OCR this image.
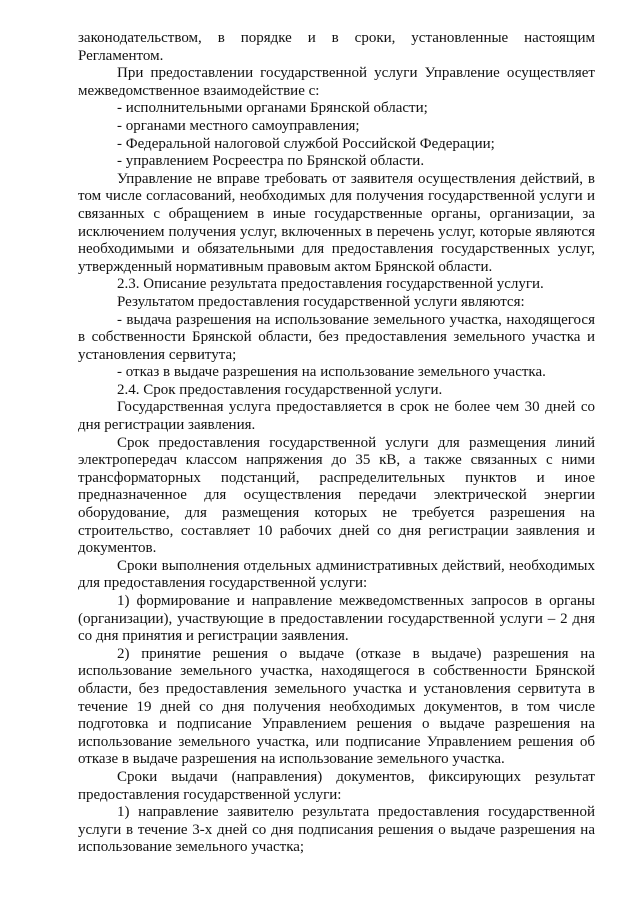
законодательством, в порядке и в сроки, установленные настоящим Регламентом.

При предоставлении государственной услуги Управление осуществляет межведомственное взаимодействие с:

- исполнительными органами Брянской области;

- органами местного самоуправления;

- Федеральной налоговой службой Российской Федерации;

- управлением Росреестра по Брянской области.

Управление не вправе требовать от заявителя осуществления действий, в том числе согласований, необходимых для получения государственной услуги и связанных с обращением в иные государственные органы, организации, за исключением получения услуг, включенных в перечень услуг, которые являются необходимыми и обязательными для предоставления государственных услуг, утвержденный нормативным правовым актом Брянской области.

2.3. Описание результата предоставления государственной услуги.

Результатом предоставления государственной услуги являются:

- выдача разрешения на использование земельного участка, находящегося в собственности Брянской области, без предоставления земельного участка и установления сервитута;

- отказ в выдаче разрешения на использование земельного участка.

2.4. Срок предоставления государственной услуги.

Государственная услуга предоставляется в срок не более чем 30 дней со дня регистрации заявления.

Срок предоставления государственной услуги для размещения линий электропередач классом напряжения до 35 кВ, а также связанных с ними трансформаторных подстанций, распределительных пунктов и иное предназначенное для осуществления передачи электрической энергии оборудование, для размещения которых не требуется разрешения на строительство, составляет 10 рабочих дней со дня регистрации заявления и документов.

Сроки выполнения отдельных административных действий, необходимых для предоставления государственной услуги:

1) формирование и направление межведомственных запросов в органы (организации), участвующие в предоставлении государственной услуги – 2 дня со дня принятия и регистрации заявления.

2) принятие решения о выдаче (отказе в выдаче) разрешения на использование земельного участка, находящегося в собственности Брянской области, без предоставления земельного участка и установления сервитута в течение 19 дней со дня получения необходимых документов, в том числе подготовка и подписание Управлением решения о выдаче разрешения на использование земельного участка, или подписание Управлением решения об отказе в выдаче разрешения на использование земельного участка.

Сроки выдачи (направления) документов, фиксирующих результат предоставления государственной услуги:

1) направление заявителю результата предоставления государственной услуги в течение 3-х дней со дня подписания решения о выдаче разрешения на использование земельного участка;
